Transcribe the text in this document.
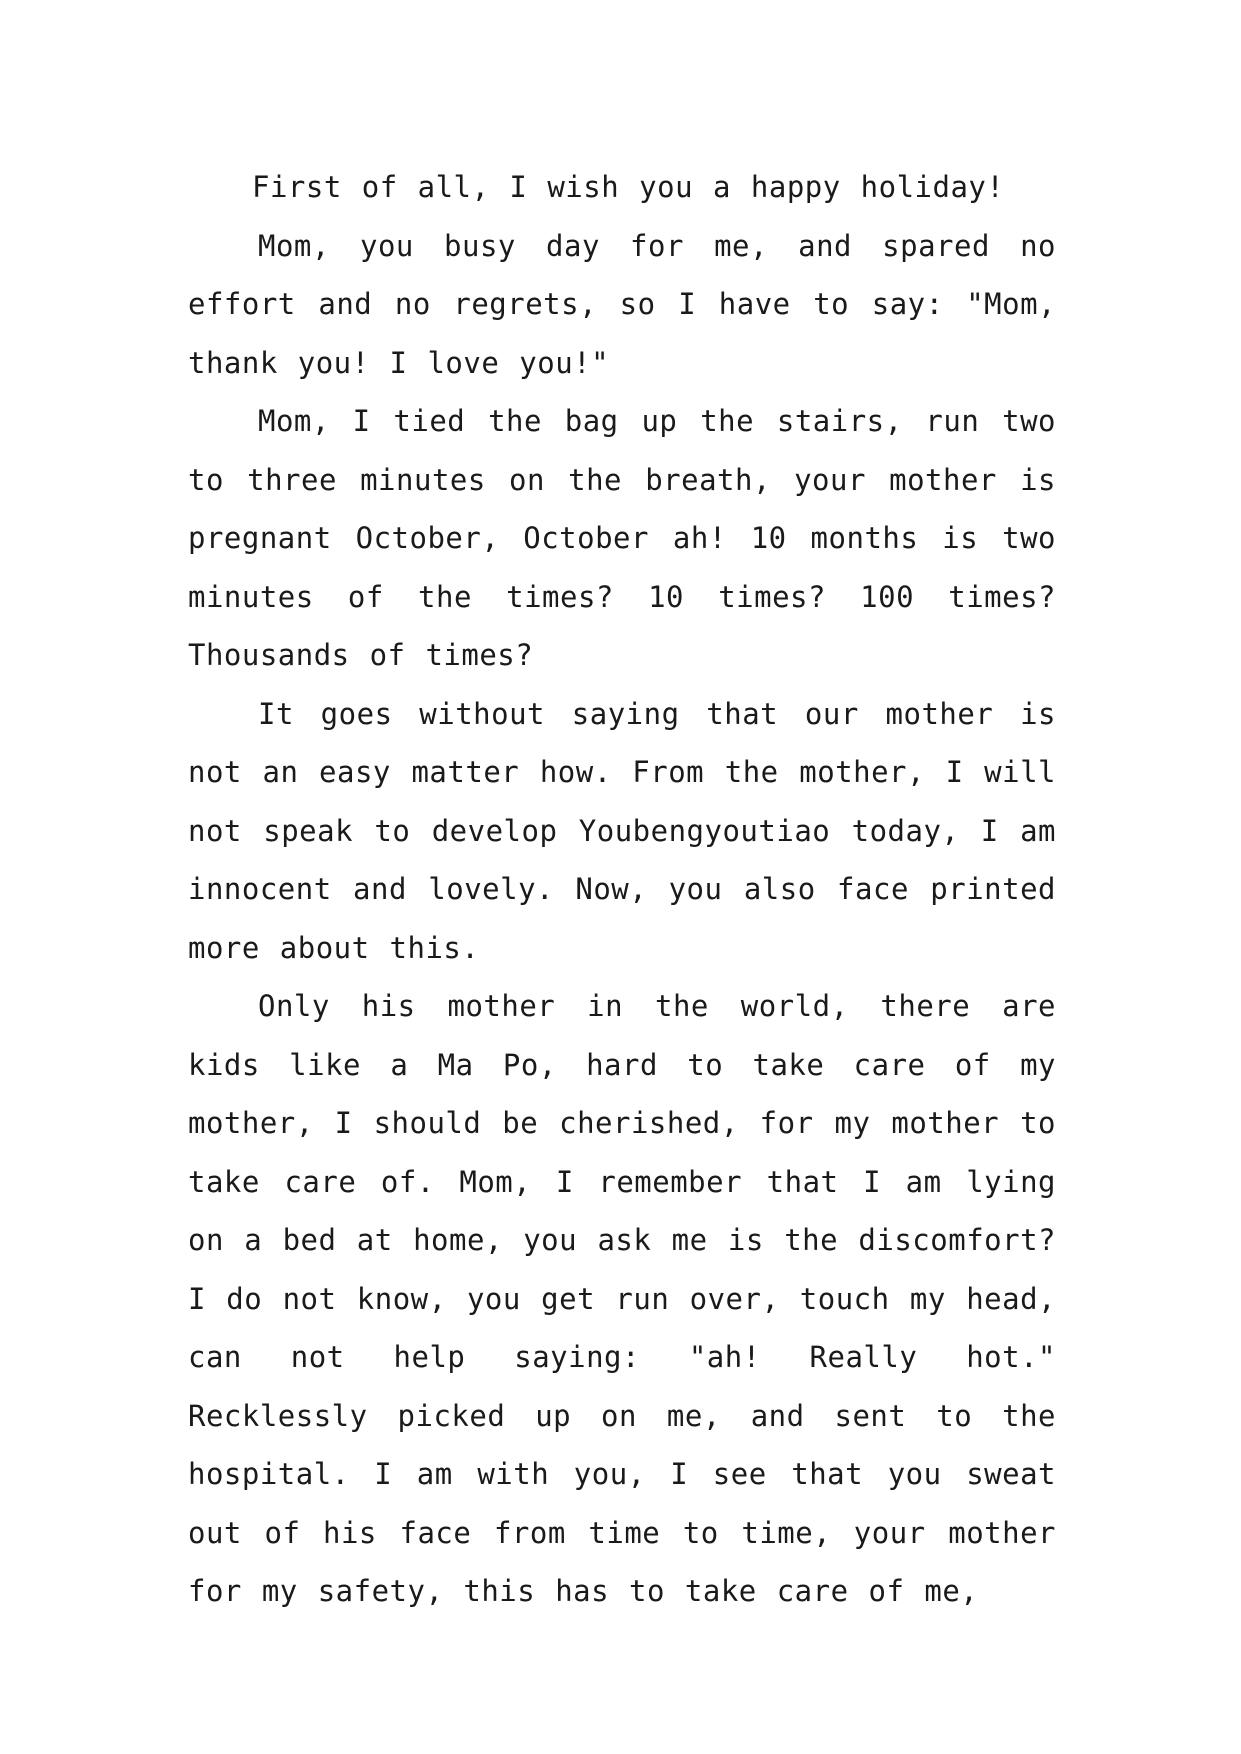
First of all, I wish you a happy holiday!

Mom, you busy day for me, and spared no effort and no regrets, so I have to say: "Mom, thank you! I love you!"

Mom, I tied the bag up the stairs, run two to three minutes on the breath, your mother is pregnant October, October ah! 10 months is two minutes of the times? 10 times? 100 times? Thousands of times?

It goes without saying that our mother is not an easy matter how. From the mother, I will not speak to develop Youbengyoutiao today, I am innocent and lovely. Now, you also face printed more about this.

Only his mother in the world, there are kids like a Ma Po, hard to take care of my mother, I should be cherished, for my mother to take care of. Mom, I remember that I am lying on a bed at home, you ask me is the discomfort? I do not know, you get run over, touch my head, can not help saying: "ah! Really hot." Recklessly picked up on me, and sent to the hospital. I am with you, I see that you sweat out of his face from time to time, your mother for my safety, this has to take care of me,
